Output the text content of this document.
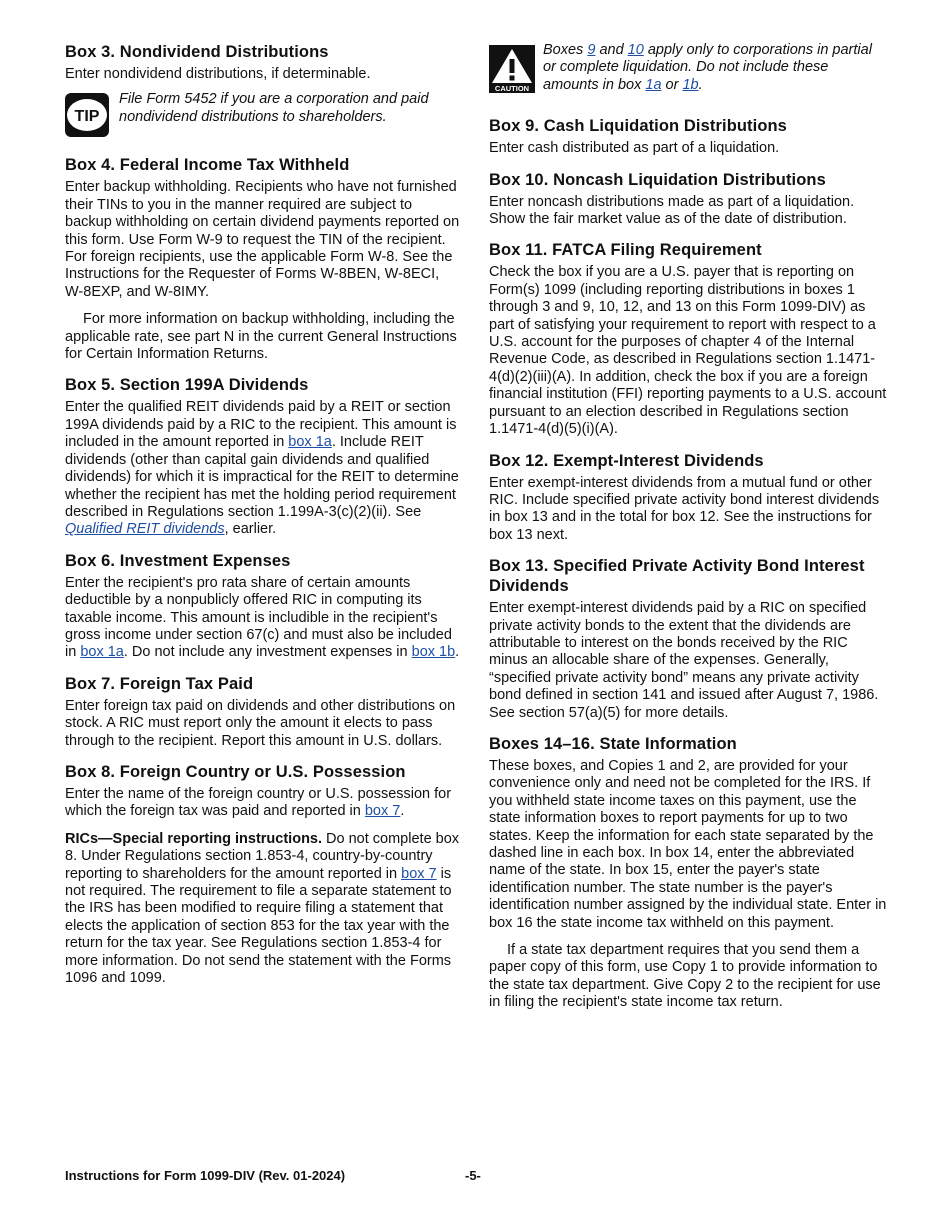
Box 3. Nondividend Distributions

Enter nondividend distributions, if determinable.

TIP
File Form 5452 if you are a corporation and paid nondividend distributions to shareholders.
Box 4. Federal Income Tax Withheld

Enter backup withholding. Recipients who have not furnished their TINs to you in the manner required are subject to backup withholding on certain dividend payments reported on this form. Use Form W-9 to request the TIN of the recipient. For foreign recipients, use the applicable Form W-8. See the Instructions for the Requester of Forms W-8BEN, W-8ECI, W-8EXP, and W-8IMY.

For more information on backup withholding, including the applicable rate, see part N in the current General Instructions for Certain Information Returns.

Box 5. Section 199A Dividends

Enter the qualified REIT dividends paid by a REIT or section 199A dividends paid by a RIC to the recipient. This amount is included in the amount reported in box 1a. Include REIT dividends (other than capital gain dividends and qualified dividends) for which it is impractical for the REIT to determine whether the recipient has met the holding period requirement described in Regulations section 1.199A-3(c)(2)(ii). See Qualified REIT dividends, earlier.

Box 6. Investment Expenses

Enter the recipient's pro rata share of certain amounts deductible by a nonpublicly offered RIC in computing its taxable income. This amount is includible in the recipient's gross income under section 67(c) and must also be included in box 1a. Do not include any investment expenses in box 1b.

Box 7. Foreign Tax Paid

Enter foreign tax paid on dividends and other distributions on stock. A RIC must report only the amount it elects to pass through to the recipient. Report this amount in U.S. dollars.

Box 8. Foreign Country or U.S. Possession

Enter the name of the foreign country or U.S. possession for which the foreign tax was paid and reported in box 7.

RICs—Special reporting instructions. Do not complete box 8. Under Regulations section 1.853-4, country-by-country reporting to shareholders for the amount reported in box 7 is not required. The requirement to file a separate statement to the IRS has been modified to require filing a statement that elects the application of section 853 for the tax year with the return for the tax year. See Regulations section 1.853-4 for more information. Do not send the statement with the Forms 1096 and 1099.

CAUTION
Boxes 9 and 10 apply only to corporations in partial or complete liquidation. Do not include these amounts in box 1a or 1b.
Box 9. Cash Liquidation Distributions

Enter cash distributed as part of a liquidation.

Box 10. Noncash Liquidation Distributions

Enter noncash distributions made as part of a liquidation. Show the fair market value as of the date of distribution.

Box 11. FATCA Filing Requirement

Check the box if you are a U.S. payer that is reporting on Form(s) 1099 (including reporting distributions in boxes 1 through 3 and 9, 10, 12, and 13 on this Form 1099-DIV) as part of satisfying your requirement to report with respect to a U.S. account for the purposes of chapter 4 of the Internal Revenue Code, as described in Regulations section 1.1471-4(d)(2)(iii)(A). In addition, check the box if you are a foreign financial institution (FFI) reporting payments to a U.S. account pursuant to an election described in Regulations section 1.1471-4(d)(5)(i)(A).

Box 12. Exempt-Interest Dividends

Enter exempt-interest dividends from a mutual fund or other RIC. Include specified private activity bond interest dividends in box 13 and in the total for box 12. See the instructions for box 13 next.

Box 13. Specified Private Activity Bond Interest Dividends

Enter exempt-interest dividends paid by a RIC on specified private activity bonds to the extent that the dividends are attributable to interest on the bonds received by the RIC minus an allocable share of the expenses. Generally, “specified private activity bond” means any private activity bond defined in section 141 and issued after August 7, 1986. See section 57(a)(5) for more details.

Boxes 14–16. State Information

These boxes, and Copies 1 and 2, are provided for your convenience only and need not be completed for the IRS. If you withheld state income taxes on this payment, use the state information boxes to report payments for up to two states. Keep the information for each state separated by the dashed line in each box. In box 14, enter the abbreviated name of the state. In box 15, enter the payer's state identification number. The state number is the payer's identification number assigned by the individual state. Enter in box 16 the state income tax withheld on this payment.

If a state tax department requires that you send them a paper copy of this form, use Copy 1 to provide information to the state tax department. Give Copy 2 to the recipient for use in filing the recipient's state income tax return.

Instructions for Form 1099-DIV (Rev. 01-2024)	-5-
